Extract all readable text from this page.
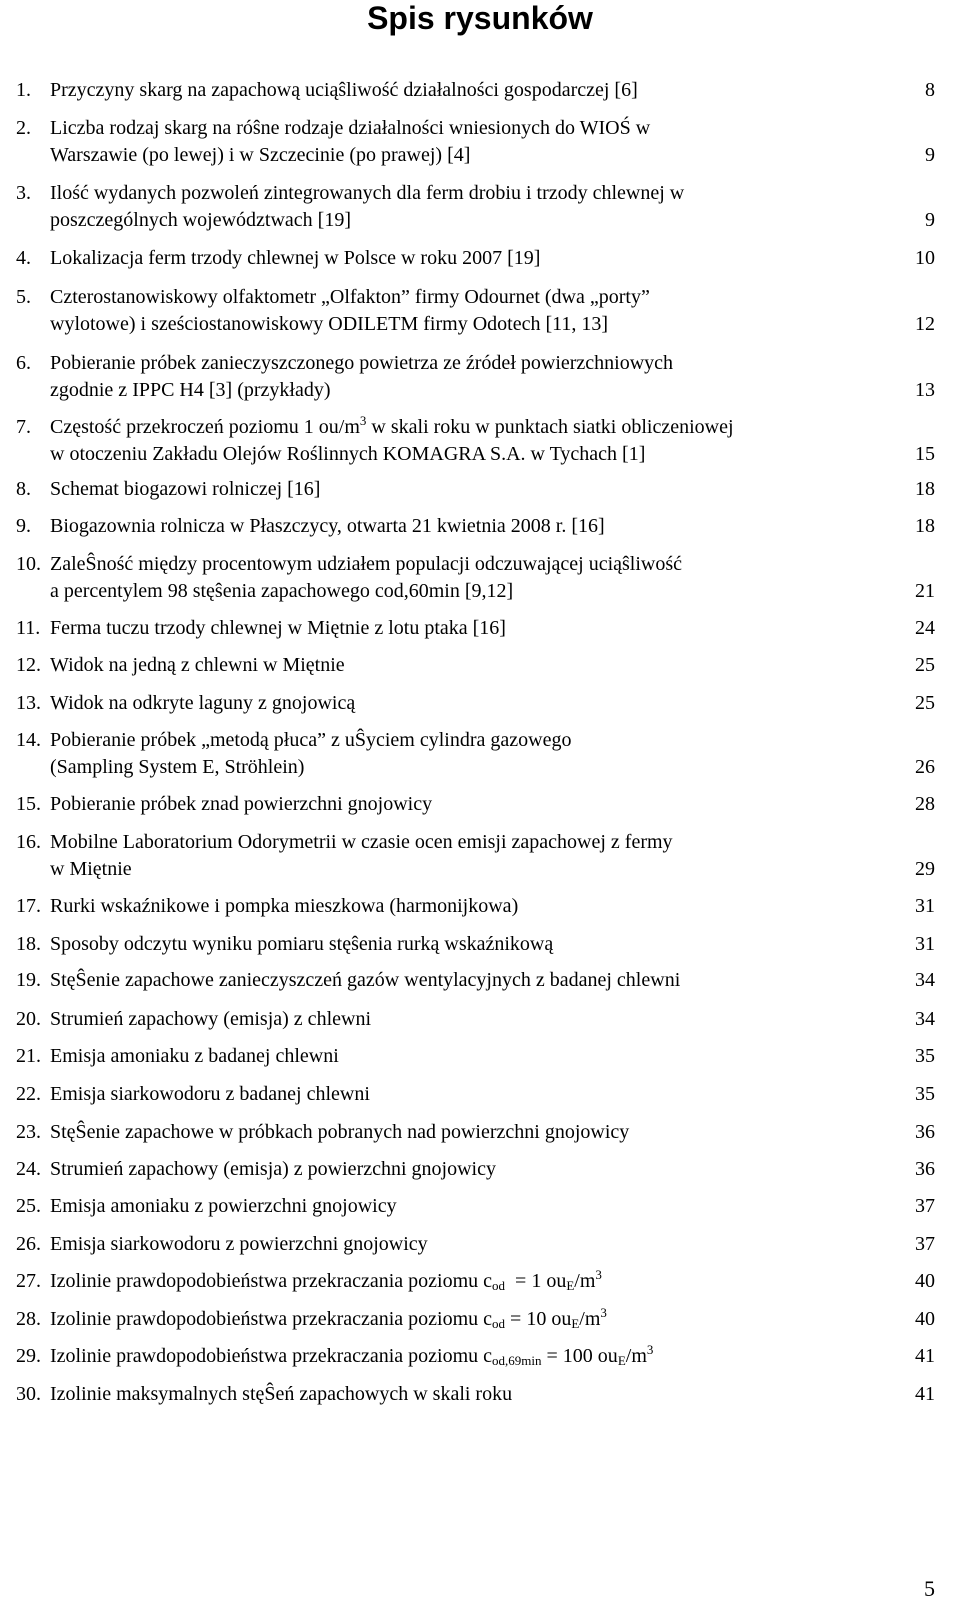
Spis rysunków
1. Przyczyny skarg na zapachową uciąŝliwość działalności gospodarczej [6]	8
2. Liczba rodzaj skarg na róŝne rodzaje działalności wniesionych do WIOŚ w
Warszawie (po lewej) i w Szczecinie (po prawej) [4]	9
3. Ilość wydanych pozwoleń zintegrowanych dla ferm drobiu i trzody chlewnej w
poszczególnych województwach [19]	9
4. Lokalizacja ferm trzody chlewnej w Polsce w roku 2007 [19]	10
5. Czterostanowiskowy olfaktometr „Olfakton” firmy Odournet (dwa „porty”
wylotowe) i sześciostanowiskowy ODILETM firmy Odotech [11, 13]	12
6. Pobieranie próbek zanieczyszczonego powietrza ze źródeł powierzchniowych
zgodnie z IPPC H4 [3] (przykłady)	13
7. Częstość przekroczeń poziomu 1 $ou/m^3$ w skali roku w punktach siatki obliczeniowej
w otoczeniu Zakładu Olejów Roślinnych KOMAGRA S.A. w Tychach [1]	15
8. Schemat biogazowi rolniczej [16]	18
9. Biogazownia rolnicza w Płaszczycy, otwarta 21 kwietnia 2008 r. [16]	18
10. ZaleŜność między procentowym udziałem populacji odczuwającej uciąŝliwość
a percentylem 98 stęŝenia zapachowego cod,60min [9,12]	21
11. Ferma tuczu trzody chlewnej w Miętnie z lotu ptaka [16]	24
12. Widok na jedną z chlewni w Miętnie	25
13. Widok na odkryte laguny z gnojowicą	25
14. Pobieranie próbek „metodą płuca” z uŜyciem cylindra gazowego
(Sampling System E, Ströhlein)	26
15. Pobieranie próbek znad powierzchni gnojowicy	28
16. Mobilne Laboratorium Odorymetrii w czasie ocen emisji zapachowej z fermy
w Miętnie	29
17. Rurki wskaźnikowe i pompka mieszkowa (harmonijkowa)	31
18. Sposoby odczytu wyniku pomiaru stęŝenia rurką wskaźnikową	31
19. StęŜenie zapachowe zanieczyszczeń gazów wentylacyjnych z badanej chlewni	34
20. Strumień zapachowy (emisja) z chlewni	34
21. Emisja amoniaku z badanej chlewni	35
22. Emisja siarkowodoru z badanej chlewni	35
23. StęŜenie zapachowe w próbkach pobranych nad powierzchni gnojowicy	36
24. Strumień zapachowy (emisja) z powierzchni gnojowicy	36
25. Emisja amoniaku z powierzchni gnojowicy	37
26. Emisja siarkowodoru z powierzchni gnojowicy	37
27. Izolinie prawdopodobieństwa przekraczania poziomu $c_{od} = 1$ $ou_E/m^3$	40
28. Izolinie prawdopodobieństwa przekraczania poziomu $c_{od} = 10$ $ou_E/m^3$	40
29. Izolinie prawdopodobieństwa przekraczania poziomu $c_{od,69min} = 100$ $ou_E/m^3$	41
30. Izolinie maksymalnych stęŜeń zapachowych w skali roku	41
5
